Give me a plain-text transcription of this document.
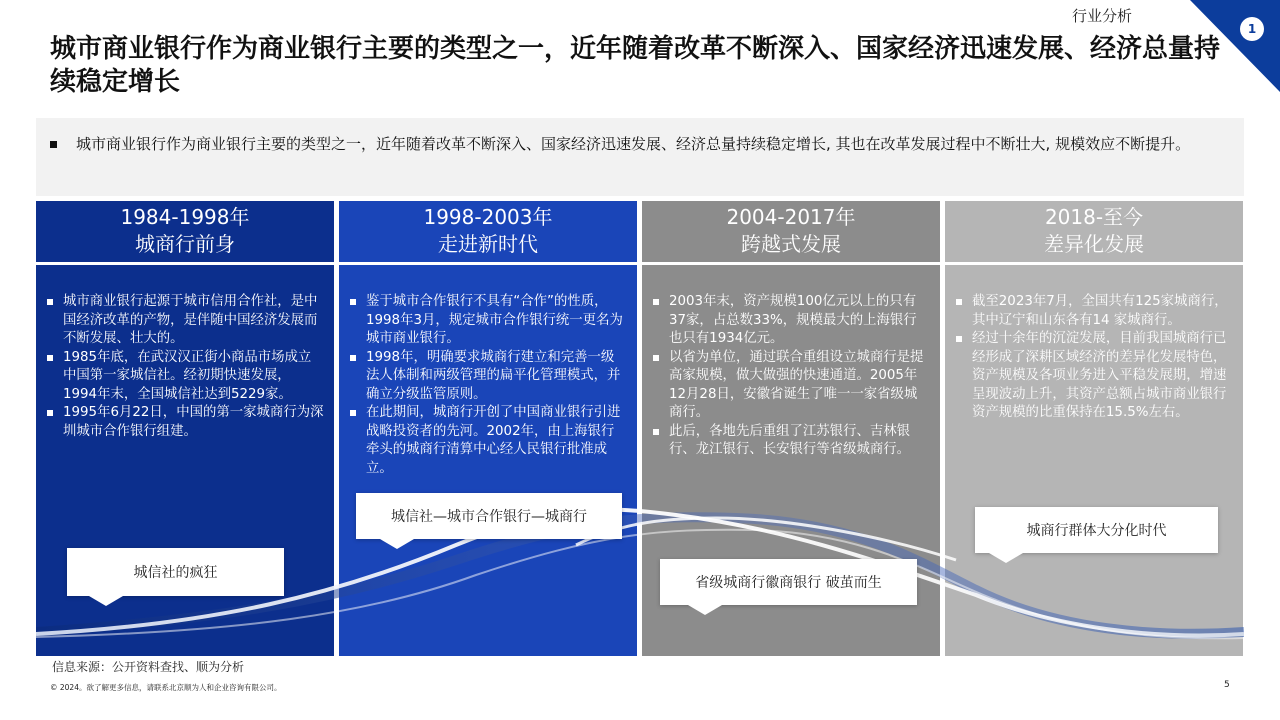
行业分析
1
城市商业银行作为商业银行主要的类型之一，近年随着改革不断深入、国家经济迅速发展、经济总量持续稳定增长
城市商业银行作为商业银行主要的类型之一，近年随着改革不断深入、国家经济迅速发展、经济总量持续稳定增长, 其也在改革发展过程中不断壮大, 规模效应不断提升。
1984-1998年
城商行前身
1998-2003年
走进新时代
2004-2017年
跨越式发展
2018-至今
差异化发展
城市商业银行起源于城市信用合作社，是中国经济改革的产物，是伴随中国经济发展而不断发展、壮大的。
1985年底，在武汉汉正街小商品市场成立中国第一家城信社。经初期快速发展，1994年末，全国城信社达到5229家。
1995年6月22日，中国的第一家城商行为深圳城市合作银行组建。
鉴于城市合作银行不具有“合作”的性质，1998年3月，规定城市合作银行统一更名为城市商业银行。
1998年，明确要求城商行建立和完善一级法人体制和两级管理的扁平化管理模式，并确立分级监管原则。
在此期间，城商行开创了中国商业银行引进战略投资者的先河。2002年，由上海银行牵头的城商行清算中心经人民银行批准成立。
2003年末，资产规模100亿元以上的只有37家，占总数33%，规模最大的上海银行也只有1934亿元。
以省为单位，通过联合重组设立城商行是提高家规模，做大做强的快速通道。2005年12月28日，安徽省诞生了唯一一家省级城商行。
此后，各地先后重组了江苏银行、吉林银行、龙江银行、长安银行等省级城商行。
截至2023年7月，全国共有125家城商行，其中辽宁和山东各有14 家城商行。
经过十余年的沉淀发展，目前我国城商行已经形成了深耕区域经济的差异化发展特色，资产规模及各项业务进入平稳发展期，增速呈现波动上升，其资产总额占城市商业银行资产规模的比重保持在15.5%左右。
城信社的疯狂
城信社—城市合作银行—城商行
省级城商行徽商银行 破茧而生
城商行群体大分化时代
信息来源：公开资料查找、顺为分析
© 2024。欲了解更多信息，请联系北京顺为人和企业咨询有限公司。	5
